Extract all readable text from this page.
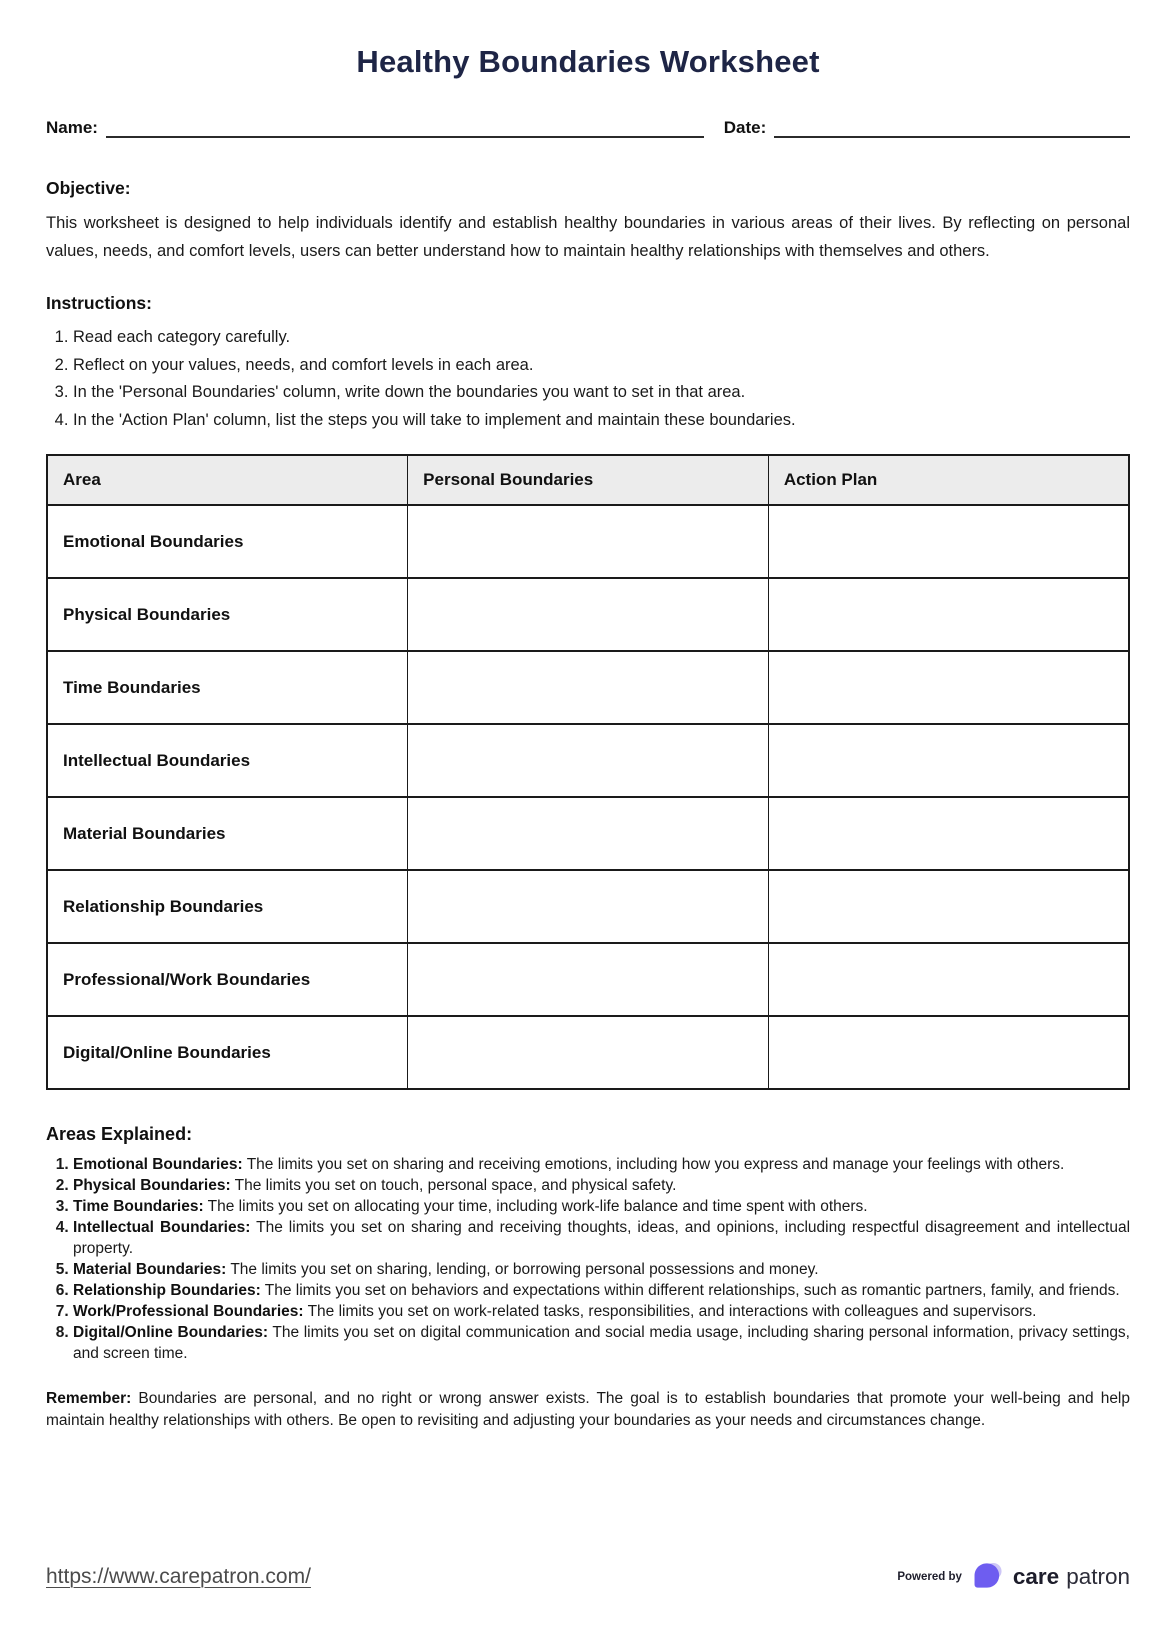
Healthy Boundaries Worksheet
Name:	Date:
Objective:

This worksheet is designed to help individuals identify and establish healthy boundaries in various areas of their lives. By reflecting on personal values, needs, and comfort levels, users can better understand how to maintain healthy relationships with themselves and others.

Instructions:
1. Read each category carefully.
2. Reflect on your values, needs, and comfort levels in each area.
3. In the 'Personal Boundaries' column, write down the boundaries you want to set in that area.
4. In the 'Action Plan' column, list the steps you will take to implement and maintain these boundaries.
Area	Personal Boundaries	Action Plan
Emotional Boundaries		
Physical Boundaries		
Time Boundaries		
Intellectual Boundaries		
Material Boundaries		
Relationship Boundaries		
Professional/Work Boundaries		
Digital/Online Boundaries		
Areas Explained:
1. Emotional Boundaries: The limits you set on sharing and receiving emotions, including how you express and manage your feelings with others.
2. Physical Boundaries: The limits you set on touch, personal space, and physical safety.
3. Time Boundaries: The limits you set on allocating your time, including work-life balance and time spent with others.
4. Intellectual Boundaries: The limits you set on sharing and receiving thoughts, ideas, and opinions, including respectful disagreement and intellectual property.
5. Material Boundaries: The limits you set on sharing, lending, or borrowing personal possessions and money.
6. Relationship Boundaries: The limits you set on behaviors and expectations within different relationships, such as romantic partners, family, and friends.
7. Work/Professional Boundaries: The limits you set on work-related tasks, responsibilities, and interactions with colleagues and supervisors.
8. Digital/Online Boundaries: The limits you set on digital communication and social media usage, including sharing personal information, privacy settings, and screen time.

Remember: Boundaries are personal, and no right or wrong answer exists. The goal is to establish boundaries that promote your well-being and help maintain healthy relationships with others. Be open to revisiting and adjusting your boundaries as your needs and circumstances change.

https://www.carepatron.com/	Powered by care patron
